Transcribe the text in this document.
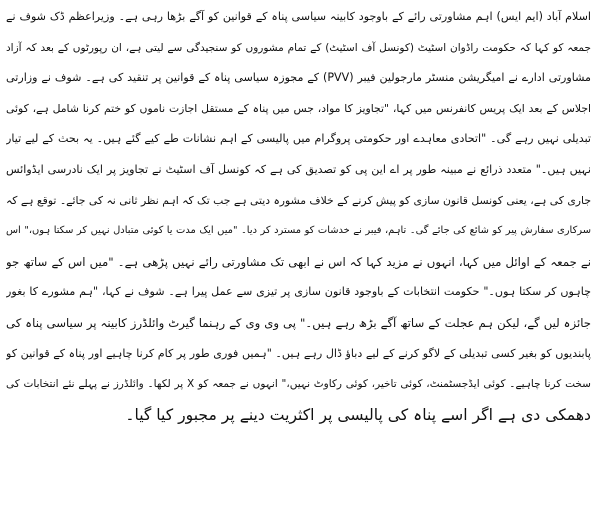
اسلام آباد (ایم ایس) اہم مشاورتی رائے کے باوجود کابینہ سیاسی پناہ کے قوانین کو آگے بڑھا رہی ہے۔ وزیراعظم ڈک شوف نے
جمعہ کو کہا کہ حکومت راڈوان اسٹیٹ (کونسل آف اسٹیٹ) کے تمام مشوروں کو سنجیدگی سے لیتی ہے، ان رپورٹوں کے بعد کہ آزاد
مشاورتی ادارے نے امیگریشن منسٹر مارجولین فیبر (PVV) کے مجوزہ سیاسی پناہ کے قوانین پر تنقید کی ہے۔ شوف نے وزارتی
اجلاس کے بعد ایک پریس کانفرنس میں کہا، "تجاویز کا مواد، جس میں پناہ کے مستقل اجازت ناموں کو ختم کرنا شامل ہے، کوئی
تبدیلی نہیں رہے گی۔ "اتحادی معاہدے اور حکومتی پروگرام میں پالیسی کے اہم نشانات طے کیے گئے ہیں۔ یہ بحث کے لیے تیار
نہیں ہیں۔" متعدد ذرائع نے مبینہ طور پر اے این پی کو تصدیق کی ہے کہ کونسل آف اسٹیٹ نے تجاویز پر ایک نادرسی ایڈوائس
جاری کی ہے، یعنی کونسل قانون سازی کو پیش کرنے کے خلاف مشورہ دیتی ہے جب تک کہ اہم نظر ثانی نہ کی جائے۔ توقع ہے کہ
سرکاری سفارش پیر کو شائع کی جائے گی۔ تاہم، فیبر نے خدشات کو مسترد کر دیا۔ "میں ایک مدت یا کوئی متبادل نہیں کر سکتا ہوں،" اس
نے جمعہ کے اوائل میں کہا، انہوں نے مزید کہا کہ اس نے ابھی تک مشاورتی رائے نہیں پڑھی ہے۔ "میں اس کے ساتھ جو
چاہوں کر سکتا ہوں۔" حکومت انتخابات کے باوجود قانون سازی پر تیزی سے عمل پیرا ہے۔ شوف نے کہا، "ہم مشورے کا بغور
جائزہ لیں گے، لیکن ہم عجلت کے ساتھ آگے بڑھ رہے ہیں۔" پی وی وی کے رہنما گیرٹ وائلڈرز کابینہ پر سیاسی پناہ کی
پابندیوں کو بغیر کسی تبدیلی کے لاگو کرنے کے لیے دباؤ ڈال رہے ہیں۔ "ہمیں فوری طور پر کام کرنا چاہیے اور پناہ کے قوانین کو
سخت کرنا چاہیے۔ کوئی ایڈجسٹمنٹ، کوئی تاخیر، کوئی رکاوٹ نہیں،" انہوں نے جمعہ کو X پر لکھا۔ وائلڈرز نے پہلے نئے انتخابات کی
دھمکی دی ہے اگر اسے پناہ کی پالیسی پر اکثریت دینے پر مجبور کیا گیا۔
